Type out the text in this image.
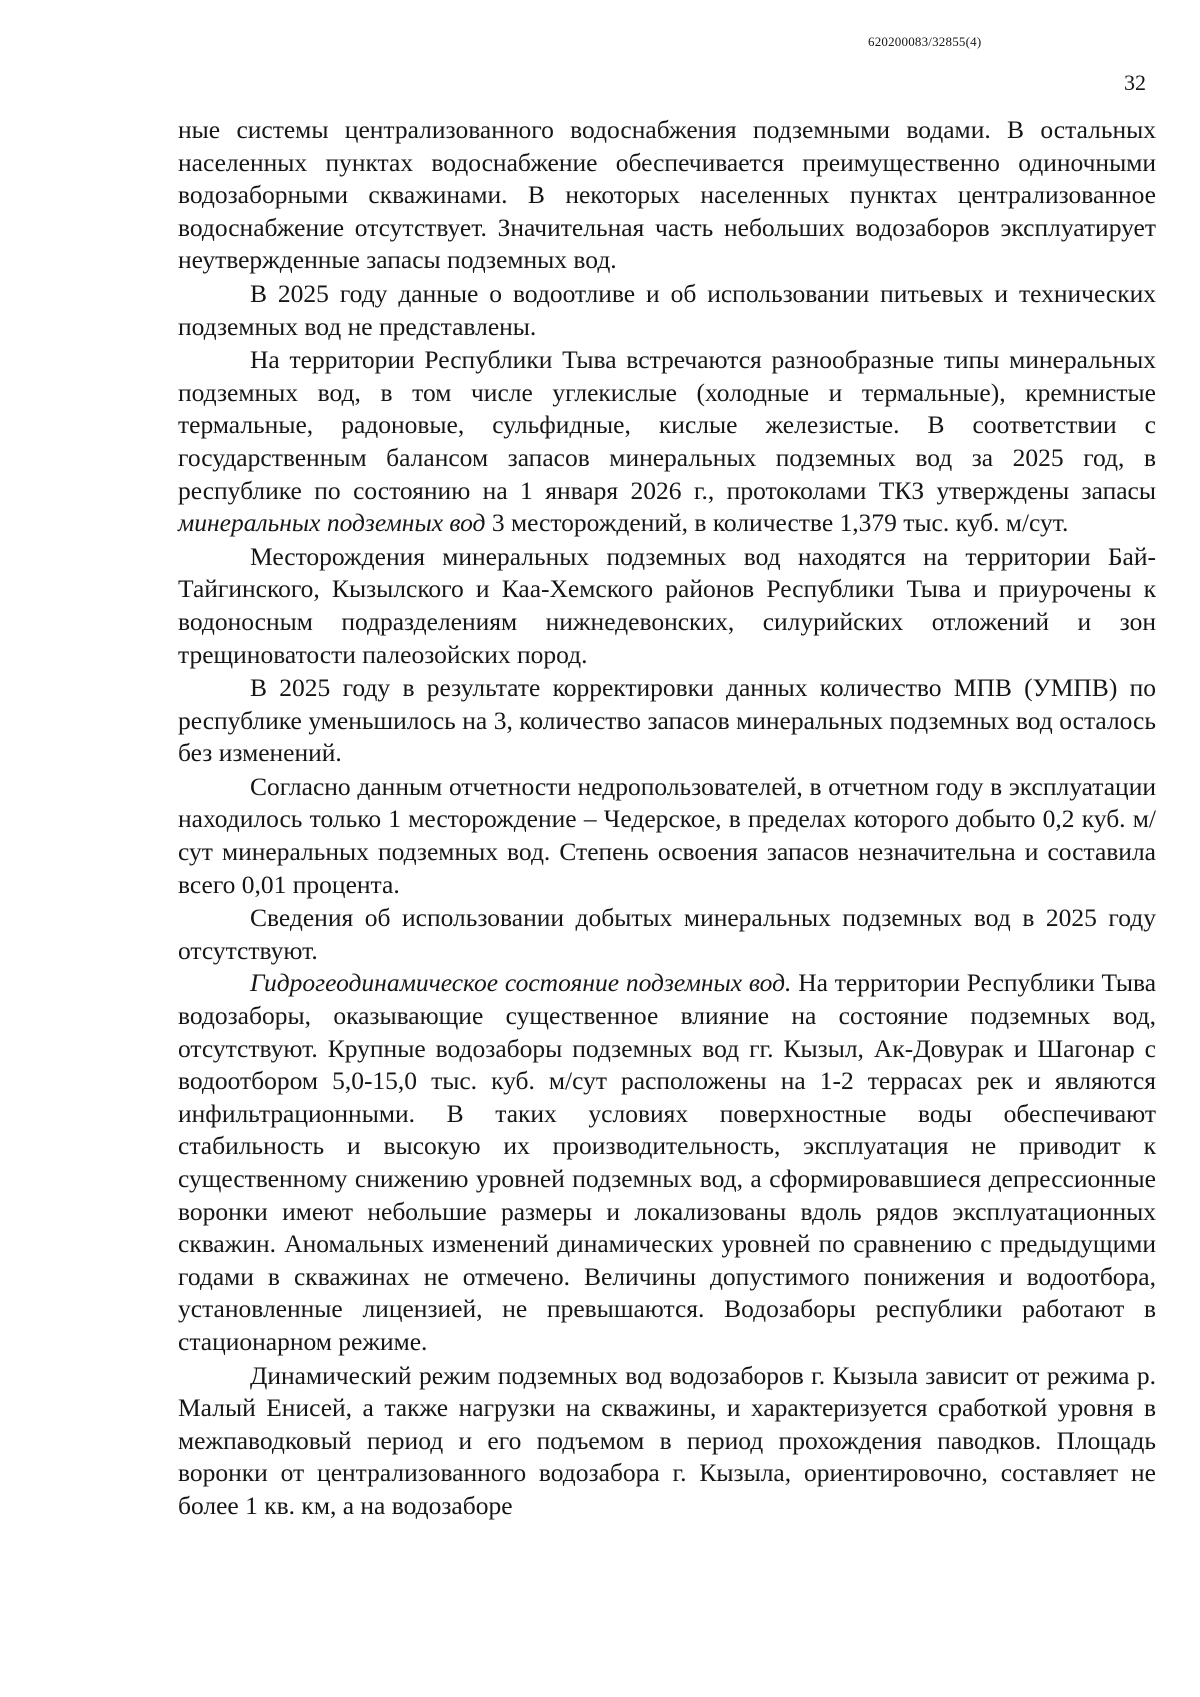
620200083/32855(4)
32

ные системы централизованного водоснабжения подземными водами. В остальных населенных пунктах водоснабжение обеспечивается преимущественно одиночными водозаборными скважинами. В некоторых населенных пунктах централизованное водоснабжение отсутствует. Значительная часть небольших водозаборов эксплуатирует неутвержденные запасы подземных вод.

В 2025 году данные о водоотливе и об использовании питьевых и технических подземных вод не представлены.

На территории Республики Тыва встречаются разнообразные типы минеральных подземных вод, в том числе углекислые (холодные и термальные), кремнистые термальные, радоновые, сульфидные, кислые железистые. В соответствии с государственным балансом запасов минеральных подземных вод за 2025 год, в республике по состоянию на 1 января 2026 г., протоколами ТКЗ утверждены запасы минеральных подземных вод 3 месторождений, в количестве 1,379 тыс. куб. м/сут.

Месторождения минеральных подземных вод находятся на территории Бай-Тайгинского, Кызылского и Каа-Хемского районов Республики Тыва и приурочены к водоносным подразделениям нижнедевонских, силурийских отложений и зон трещиноватости палеозойских пород.

В 2025 году в результате корректировки данных количество МПВ (УМПВ) по республике уменьшилось на 3, количество запасов минеральных подземных вод осталось без изменений.

Согласно данным отчетности недропользователей, в отчетном году в эксплуатации находилось только 1 месторождение – Чедерское, в пределах которого добыто 0,2 куб. м/сут минеральных подземных вод. Степень освоения запасов незначительна и составила всего 0,01 процента.

Сведения об использовании добытых минеральных подземных вод в 2025 году отсутствуют.

Гидрогеодинамическое состояние подземных вод. На территории Республики Тыва водозаборы, оказывающие существенное влияние на состояние подземных вод, отсутствуют. Крупные водозаборы подземных вод гг. Кызыл, Ак-Довурак и Шагонар с водоотбором 5,0-15,0 тыс. куб. м/сут расположены на 1-2 террасах рек и являются инфильтрационными. В таких условиях поверхностные воды обеспечивают стабильность и высокую их производительность, эксплуатация не приводит к существенному снижению уровней подземных вод, а сформировавшиеся депрессионные воронки имеют небольшие размеры и локализованы вдоль рядов эксплуатационных скважин. Аномальных изменений динамических уровней по сравнению с предыдущими годами в скважинах не отмечено. Величины допустимого понижения и водоотбора, установленные лицензией, не превышаются. Водозаборы республики работают в стационарном режиме.

Динамический режим подземных вод водозаборов г. Кызыла зависит от режима р. Малый Енисей, а также нагрузки на скважины, и характеризуется сработкой уровня в межпаводковый период и его подъемом в период прохождения паводков. Площадь воронки от централизованного водозабора г. Кызыла, ориентировочно, составляет не более 1 кв. км, а на водозаборе
